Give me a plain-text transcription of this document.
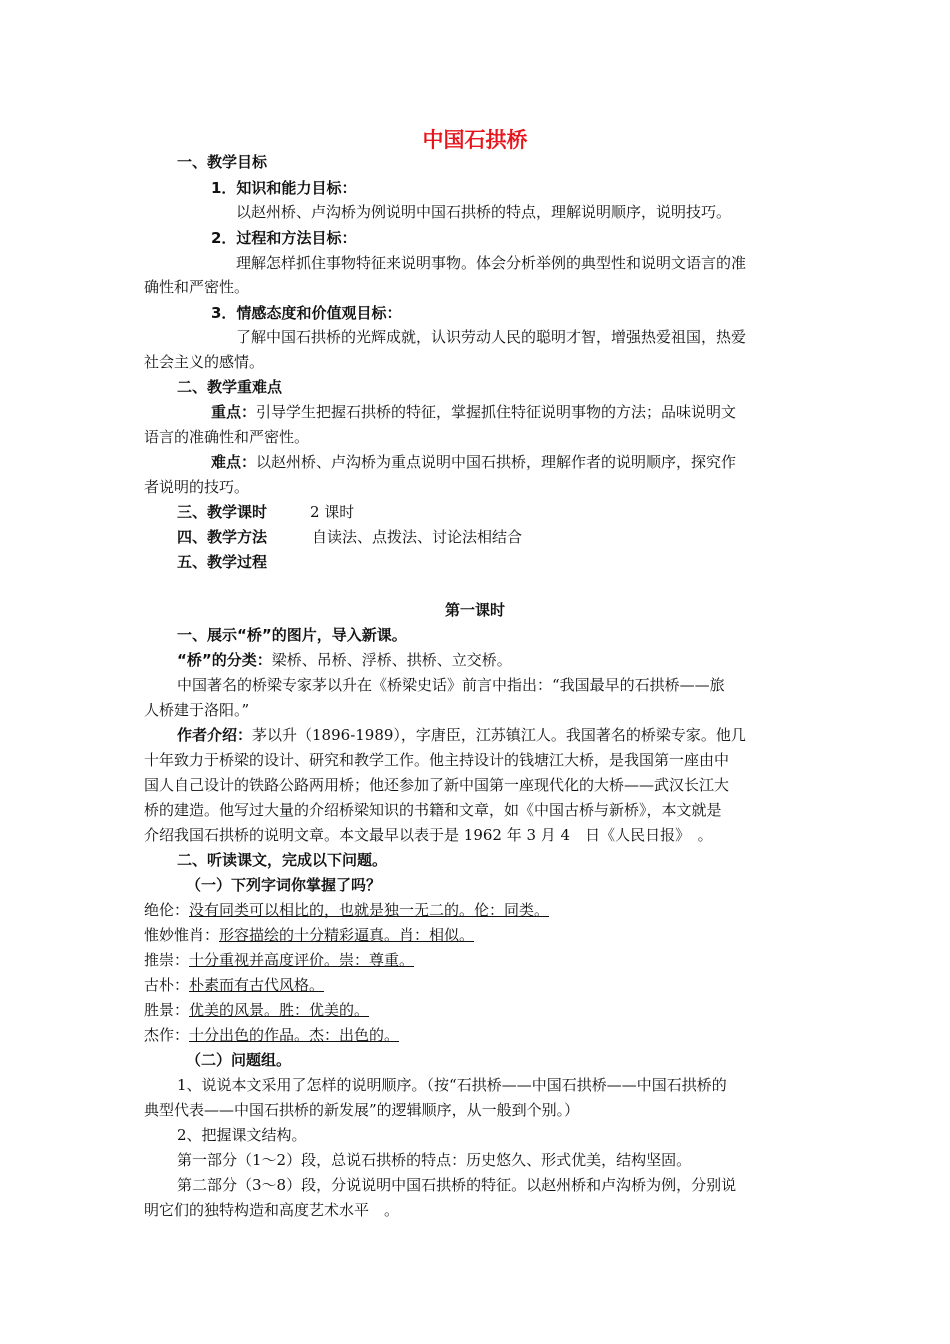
中国石拱桥
一、教学目标
1．知识和能力目标：
以赵州桥、卢沟桥为例说明中国石拱桥的特点，理解说明顺序，说明技巧。
2．过程和方法目标：
理解怎样抓住事物特征来说明事物。体会分析举例的典型性和说明文语言的准
确性和严密性。
3．情感态度和价值观目标：
了解中国石拱桥的光辉成就，认识劳动人民的聪明才智，增强热爱祖国，热爱
社会主义的感情。
二、教学重难点
重点：引导学生把握石拱桥的特征，掌握抓住特征说明事物的方法；品味说明文
语言的准确性和严密性。
难点：以赵州桥、卢沟桥为重点说明中国石拱桥，理解作者的说明顺序，探究作
者说明的技巧。
三、教学课时	2 课时
四、教学方法	自读法、点拨法、讨论法相结合
五、教学过程
第一课时
一、展示“桥”的图片，导入新课。
“桥”的分类：梁桥、吊桥、浮桥、拱桥、立交桥。
中国著名的桥梁专家茅以升在《桥梁史话》前言中指出：“我国最早的石拱桥——旅
人桥建于洛阳。”
作者介绍：茅以升（1896-1989），字唐臣，江苏镇江人。我国著名的桥梁专家。他几
十年致力于桥梁的设计、研究和教学工作。他主持设计的钱塘江大桥，是我国第一座由中
国人自己设计的铁路公路两用桥；他还参加了新中国第一座现代化的大桥——武汉长江大
桥的建造。他写过大量的介绍桥梁知识的书籍和文章，如《中国古桥与新桥》，本文就是
介绍我国石拱桥的说明文章。本文最早以表于是 1962 年 3 月 4　日《人民日报》　。
二、听读课文，完成以下问题。
（一）下列字词你掌握了吗？
绝伦：没有同类可以相比的，也就是独一无二的。伦：同类。
惟妙惟肖：形容描绘的十分精彩逼真。肖：相似。
推崇：十分重视并高度评价。崇：尊重。
古朴：朴素而有古代风格。
胜景：优美的风景。胜：优美的。
杰作：十分出色的作品。杰：出色的。
（二）问题组。
1、说说本文采用了怎样的说明顺序。（按“石拱桥——中国石拱桥——中国石拱桥的
典型代表——中国石拱桥的新发展”的逻辑顺序，从一般到个别。）
2、把握课文结构。
第一部分（1～2）段，总说石拱桥的特点：历史悠久、形式优美，结构坚固。
第二部分（3～8）段，分说说明中国石拱桥的特征。以赵州桥和卢沟桥为例，分别说
明它们的独特构造和高度艺术水平　。
